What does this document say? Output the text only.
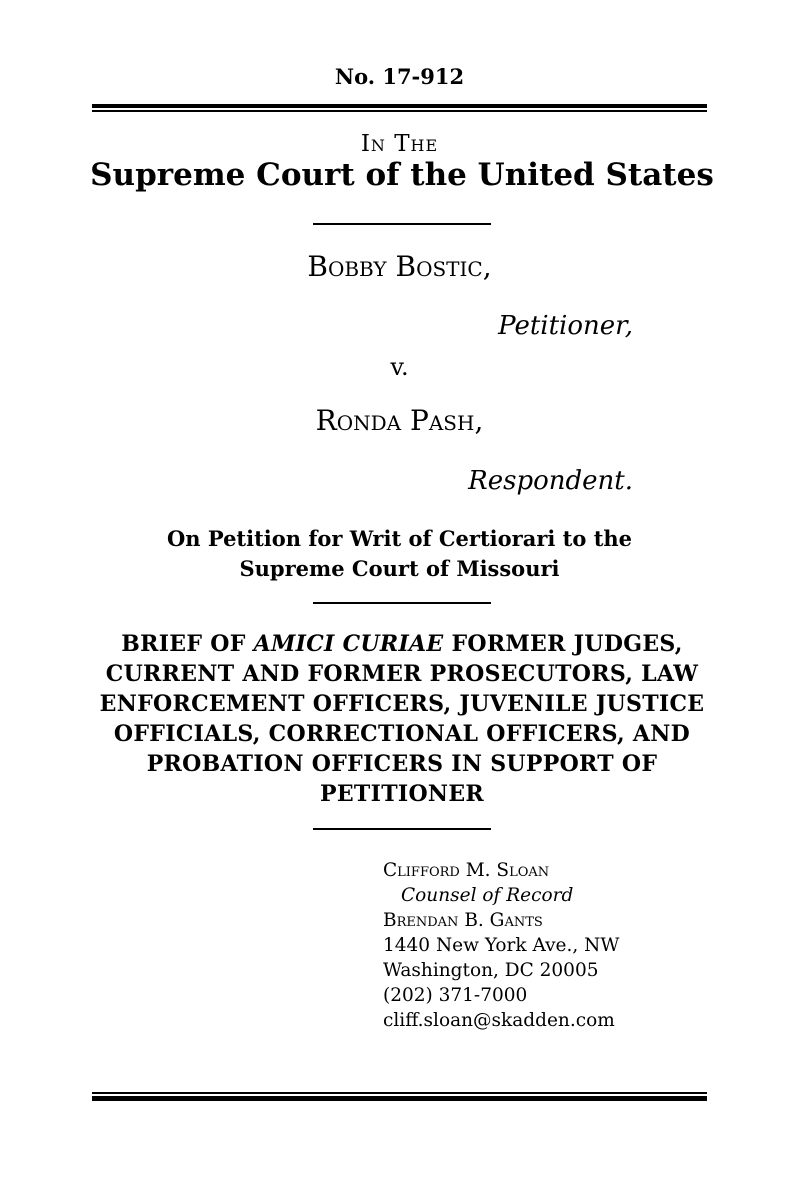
No. 17-912
In The
Supreme Court of the United States
Bobby Bostic,
Petitioner,
v.
Ronda Pash,
Respondent.
On Petition for Writ of Certiorari to the
Supreme Court of Missouri
BRIEF OF AMICI CURIAE FORMER JUDGES,
CURRENT AND FORMER PROSECUTORS, LAW
ENFORCEMENT OFFICERS, JUVENILE JUSTICE
OFFICIALS, CORRECTIONAL OFFICERS, AND
PROBATION OFFICERS IN SUPPORT OF
PETITIONER
Clifford M. Sloan
Counsel of Record
Brendan B. Gants
1440 New York Ave., NW
Washington, DC 20005
(202) 371-7000
cliff.sloan@skadden.com
